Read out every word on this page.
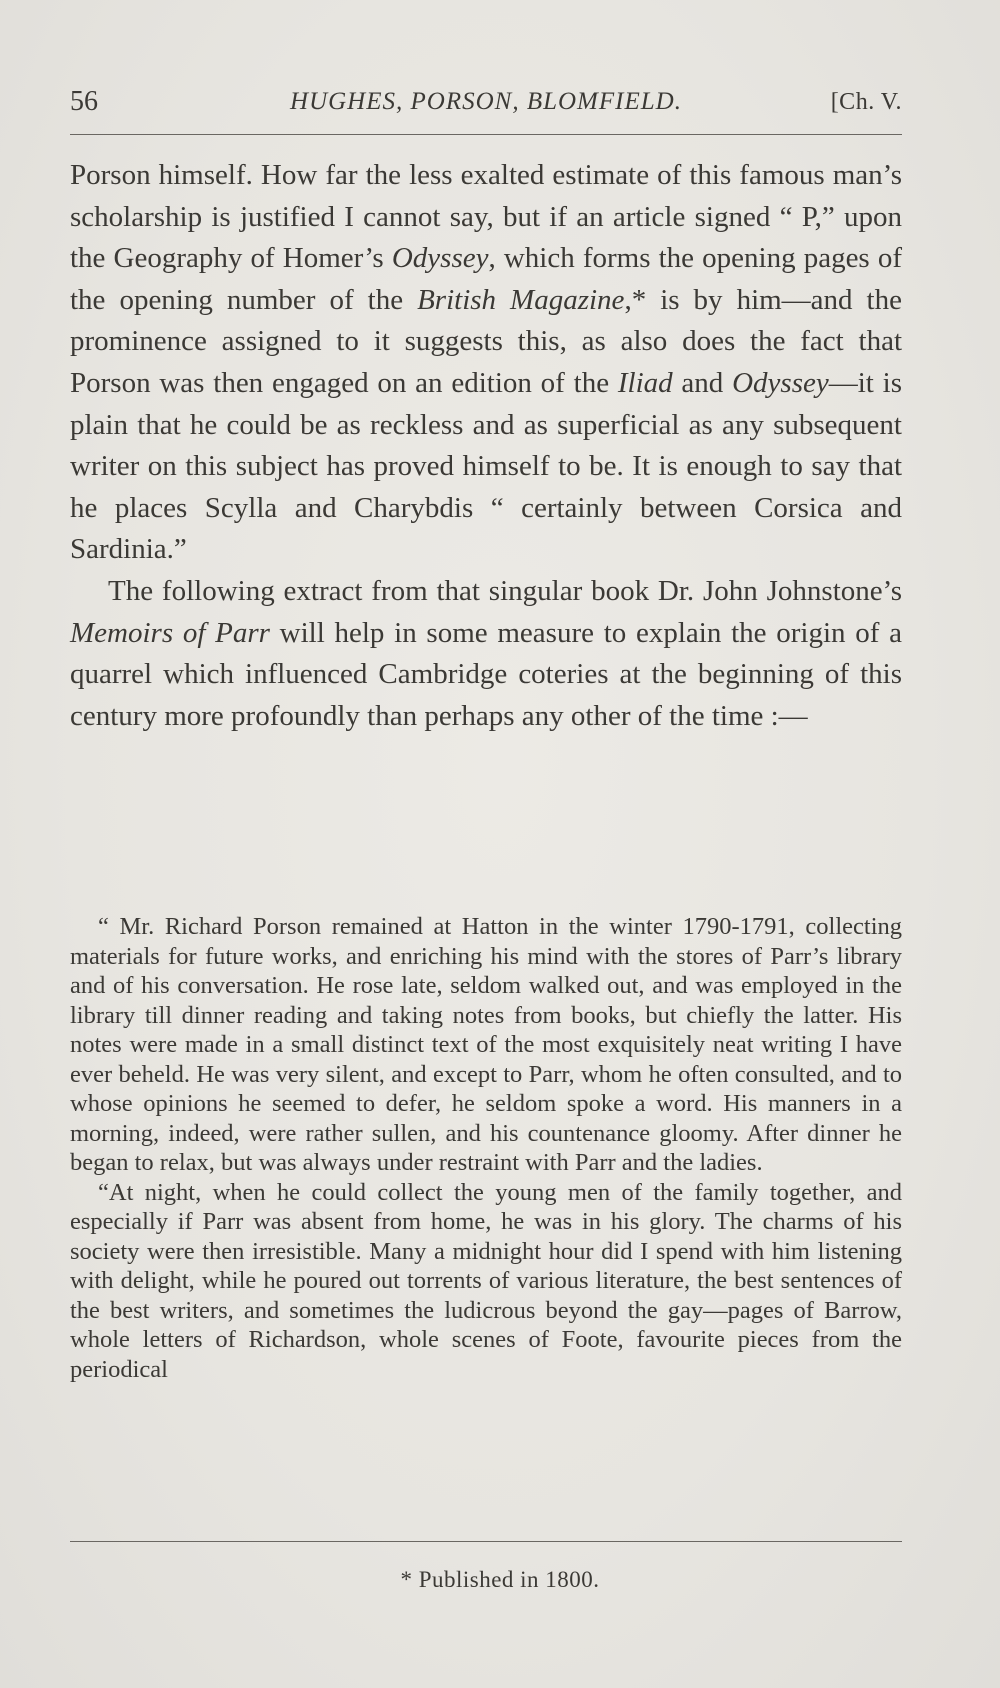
56	HUGHES, PORSON, BLOMFIELD.	[Ch. V.

Porson himself. How far the less exalted estimate of this famous man’s scholarship is justified I cannot say, but if an article signed “ P,” upon the Geography of Homer’s Odyssey, which forms the opening pages of the opening number of the British Magazine,* is by him—and the prominence assigned to it suggests this, as also does the fact that Porson was then engaged on an edition of the Iliad and Odyssey—it is plain that he could be as reckless and as superficial as any subsequent writer on this subject has proved himself to be. It is enough to say that he places Scylla and Charybdis “ certainly between Corsica and Sardinia.”

The following extract from that singular book Dr. John Johnstone’s Memoirs of Parr will help in some measure to explain the origin of a quarrel which influenced Cambridge coteries at the beginning of this century more profoundly than perhaps any other of the time :—

“ Mr. Richard Porson remained at Hatton in the winter 1790-1791, collecting materials for future works, and enriching his mind with the stores of Parr’s library and of his conversation. He rose late, seldom walked out, and was employed in the library till dinner reading and taking notes from books, but chiefly the latter. His notes were made in a small distinct text of the most exquisitely neat writing I have ever beheld. He was very silent, and except to Parr, whom he often consulted, and to whose opinions he seemed to defer, he seldom spoke a word. His manners in a morning, indeed, were rather sullen, and his countenance gloomy. After dinner he began to relax, but was always under restraint with Parr and the ladies.

“At night, when he could collect the young men of the family together, and especially if Parr was absent from home, he was in his glory. The charms of his society were then irresistible. Many a midnight hour did I spend with him listening with delight, while he poured out torrents of various literature, the best sentences of the best writers, and sometimes the ludicrous beyond the gay—pages of Barrow, whole letters of Richardson, whole scenes of Foote, favourite pieces from the periodical

* Published in 1800.
